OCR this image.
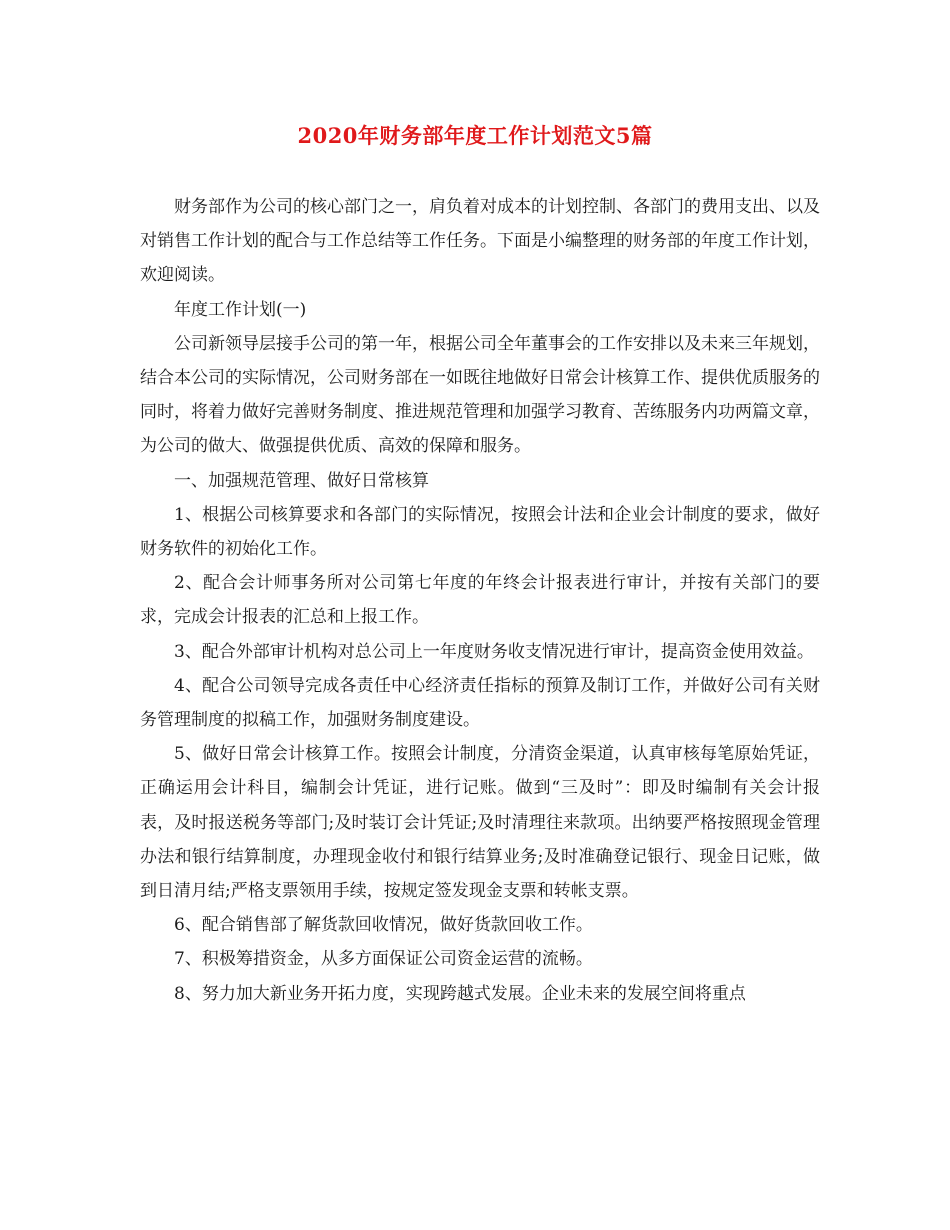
2020年财务部年度工作计划范文5篇

财务部作为公司的核心部门之一，肩负着对成本的计划控制、各部门的费用支出、以及对销售工作计划的配合与工作总结等工作任务。下面是小编整理的财务部的年度工作计划，欢迎阅读。

年度工作计划(一)

公司新领导层接手公司的第一年，根据公司全年董事会的工作安排以及未来三年规划，结合本公司的实际情况，公司财务部在一如既往地做好日常会计核算工作、提供优质服务的同时，将着力做好完善财务制度、推进规范管理和加强学习教育、苦练服务内功两篇文章，为公司的做大、做强提供优质、高效的保障和服务。

一、加强规范管理、做好日常核算

1、根据公司核算要求和各部门的实际情况，按照会计法和企业会计制度的要求，做好财务软件的初始化工作。

2、配合会计师事务所对公司第七年度的年终会计报表进行审计，并按有关部门的要求，完成会计报表的汇总和上报工作。

3、配合外部审计机构对总公司上一年度财务收支情况进行审计，提高资金使用效益。

4、配合公司领导完成各责任中心经济责任指标的预算及制订工作，并做好公司有关财务管理制度的拟稿工作，加强财务制度建设。

5、做好日常会计核算工作。按照会计制度，分清资金渠道，认真审核每笔原始凭证，正确运用会计科目，编制会计凭证，进行记账。做到“三及时”：即及时编制有关会计报表，及时报送税务等部门;及时装订会计凭证;及时清理往来款项。出纳要严格按照现金管理办法和银行结算制度，办理现金收付和银行结算业务;及时准确登记银行、现金日记账，做到日清月结;严格支票领用手续，按规定签发现金支票和转帐支票。

6、配合销售部了解货款回收情况，做好货款回收工作。

7、积极筹措资金，从多方面保证公司资金运营的流畅。

8、努力加大新业务开拓力度，实现跨越式发展。企业未来的发展空间将重点
